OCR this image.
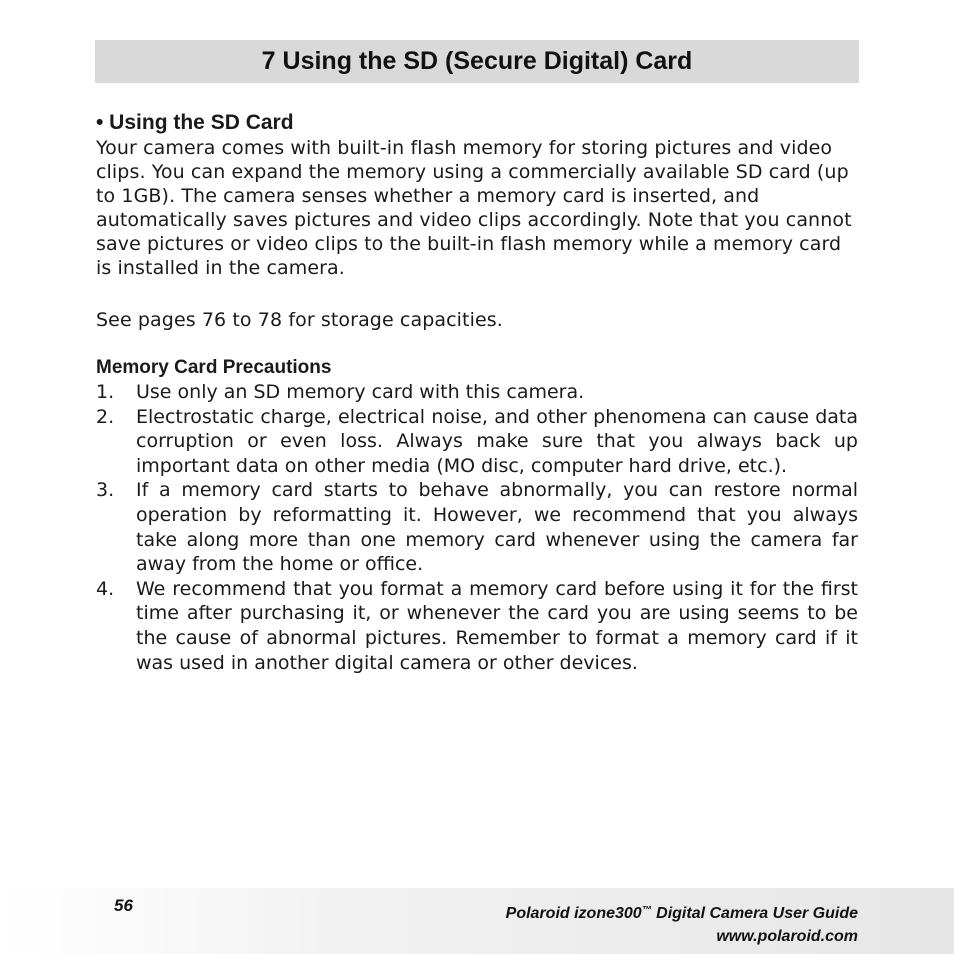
7 Using the SD (Secure Digital) Card

• Using the SD Card

Your camera comes with built-in flash memory for storing pictures and video clips. You can expand the memory using a commercially available SD card (up to 1GB). The camera senses whether a memory card is inserted, and automatically saves pictures and video clips accordingly. Note that you cannot save pictures or video clips to the built-in flash memory while a memory card is installed in the camera.

See pages 76 to 78 for storage capacities.

Memory Card Precautions

1.	Use only an SD memory card with this camera.
2.	Electrostatic charge, electrical noise, and other phenomena can cause data corruption or even loss. Always make sure that you always back up important data on other media (MO disc, computer hard drive, etc.).
3.	If a memory card starts to behave abnormally, you can restore normal operation by reformatting it. However, we recommend that you always take along more than one memory card whenever using the camera far away from the home or office.
4.	We recommend that you format a memory card before using it for the first time after purchasing it, or whenever the card you are using seems to be the cause of abnormal pictures. Remember to format a memory card if it was used in another digital camera or other devices.
56	Polaroid izone300™ Digital Camera User Guide
www.polaroid.com
